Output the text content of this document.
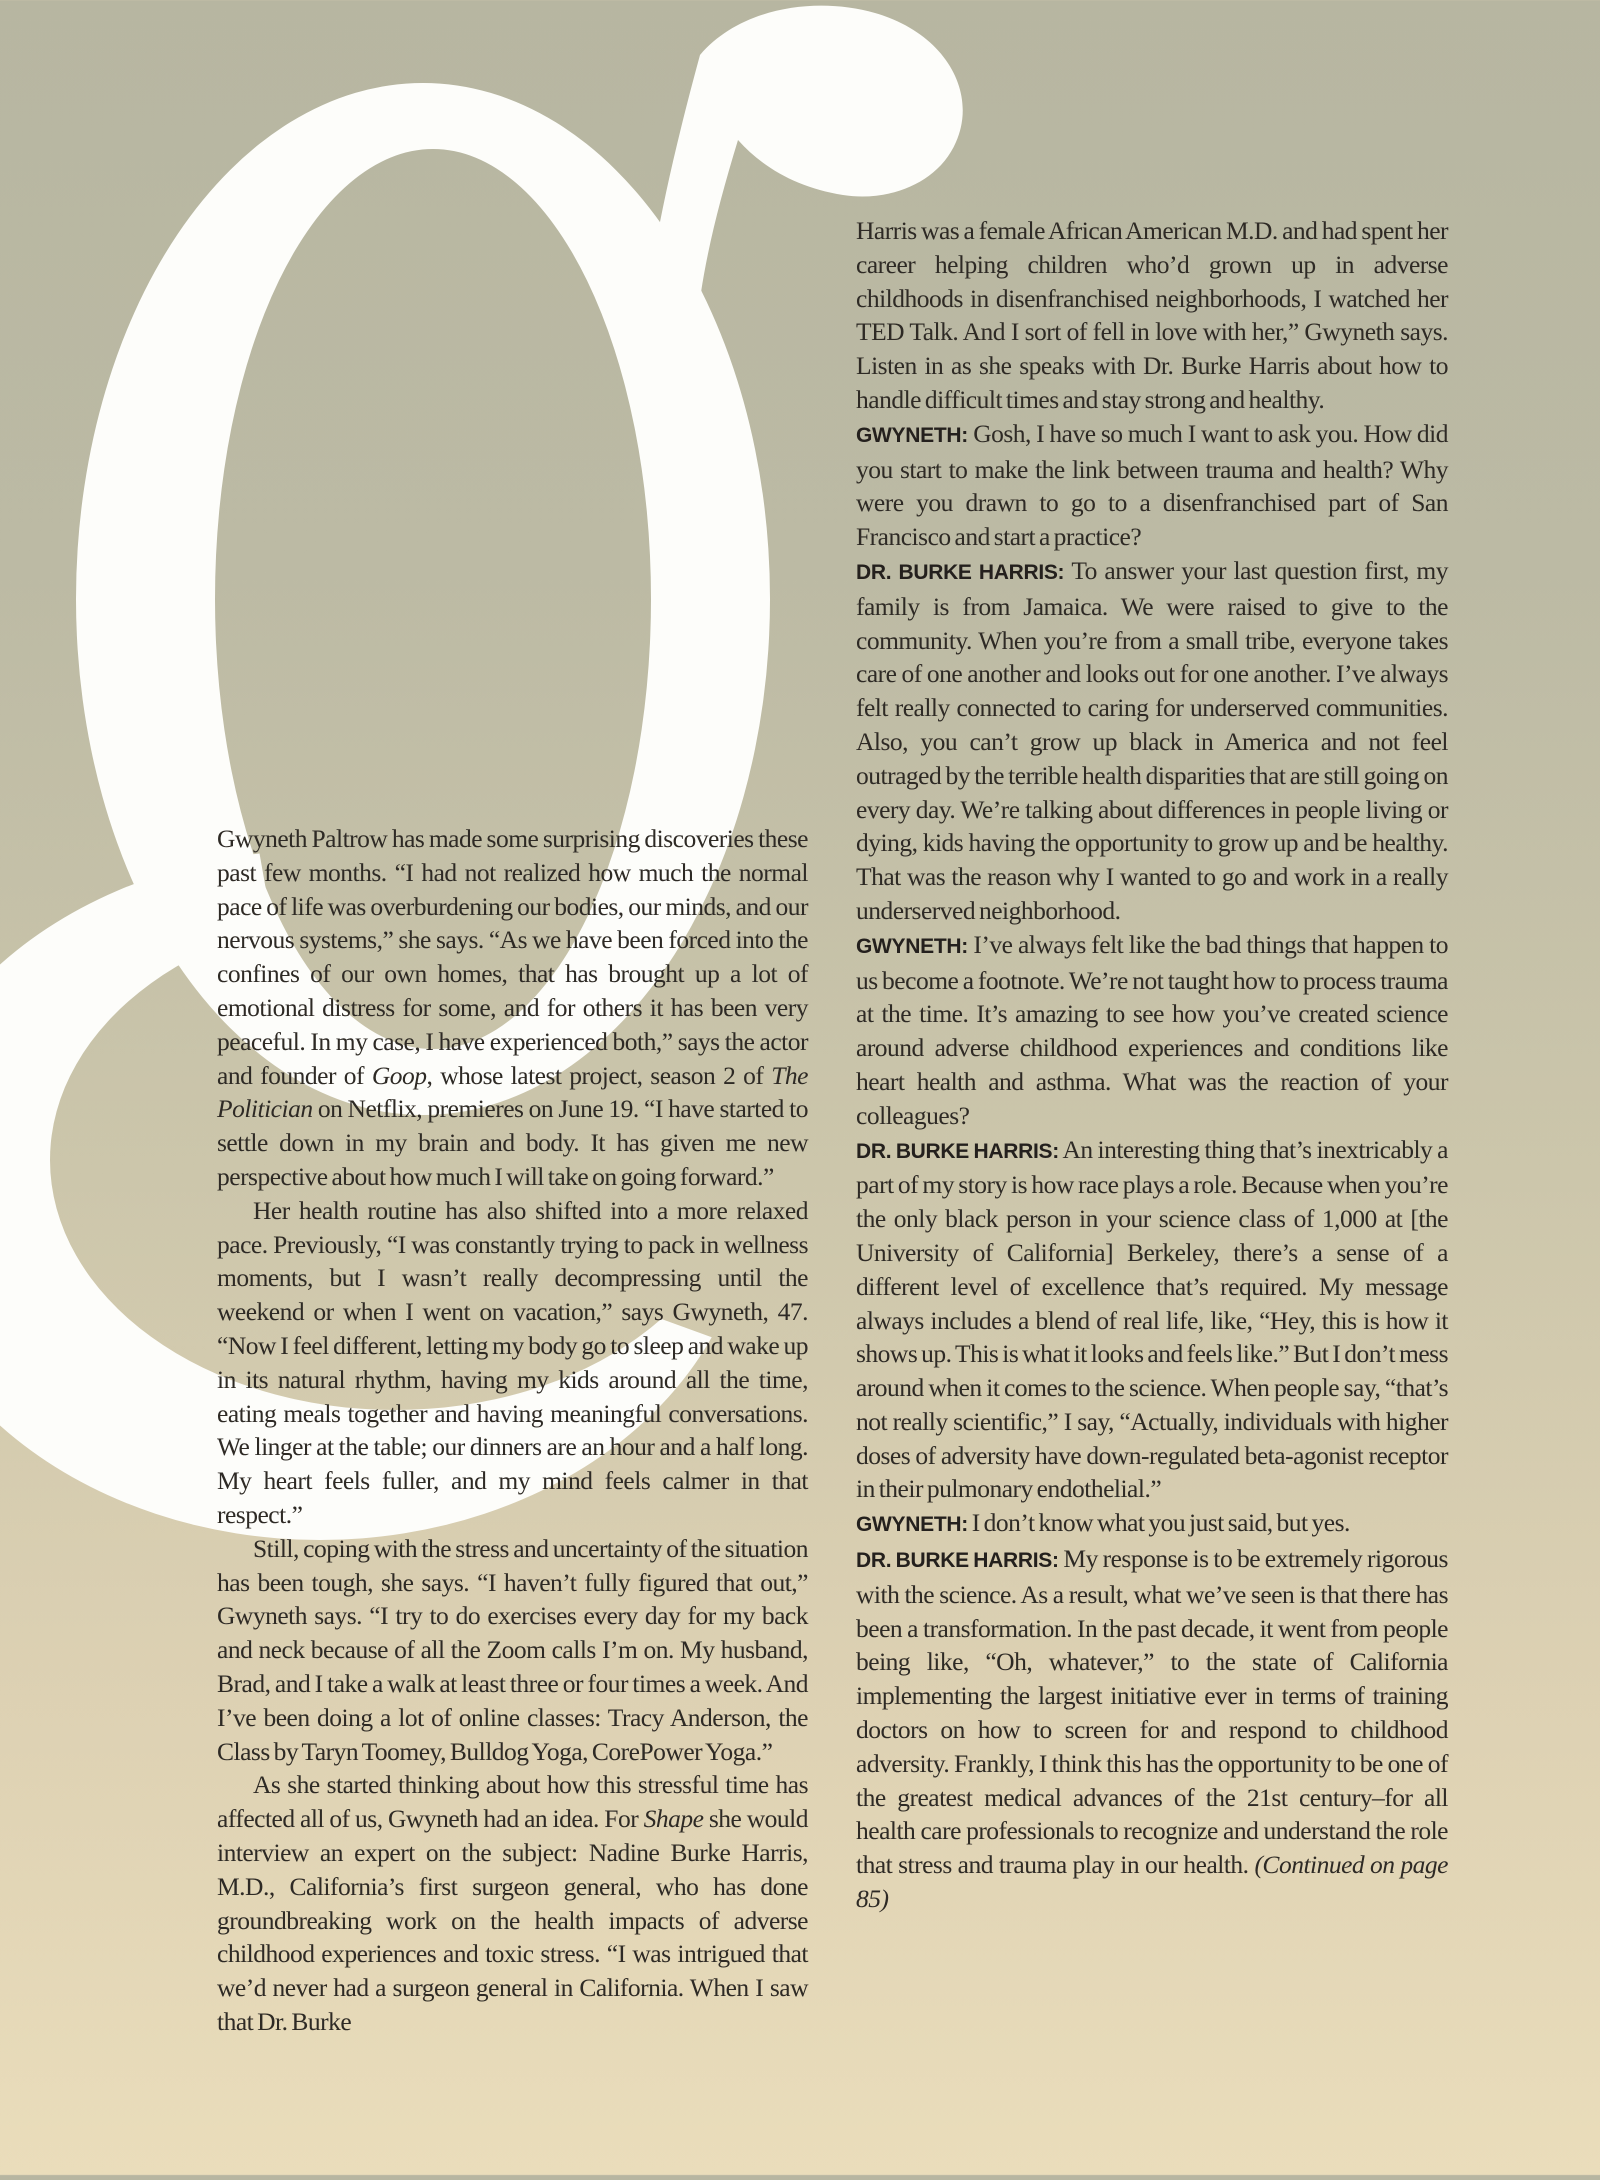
Gwyneth Paltrow has made some surprising discoveries these past few months. “I had not realized how much the normal pace of life was overburdening our bodies, our minds, and our nervous systems,” she says. “As we have been forced into the confines of our own homes, that has brought up a lot of emotional distress for some, and for others it has been very peaceful. In my case, I have experienced both,” says the actor and founder of Goop, whose latest project, season 2 of The Politician on Netflix, premieres on June 19. “I have started to settle down in my brain and body. It has given me new perspective about how much I will take on going forward.”

Her health routine has also shifted into a more relaxed pace. Previously, “I was constantly trying to pack in wellness moments, but I wasn’t really decompressing until the weekend or when I went on vacation,” says Gwyneth, 47. “Now I feel different, letting my body go to sleep and wake up in its natural rhythm, having my kids around all the time, eating meals together and having meaningful conversations. We linger at the table; our dinners are an hour and a half long. My heart feels fuller, and my mind feels calmer in that respect.”

Still, coping with the stress and uncertainty of the situation has been tough, she says. “I haven’t fully figured that out,” Gwyneth says. “I try to do exercises every day for my back and neck because of all the Zoom calls I’m on. My husband, Brad, and I take a walk at least three or four times a week. And I’ve been doing a lot of online classes: Tracy Anderson, the Class by Taryn Toomey, Bulldog Yoga, CorePower Yoga.”

As she started thinking about how this stressful time has affected all of us, Gwyneth had an idea. For Shape she would interview an expert on the subject: Nadine Burke Harris, M.D., California’s first surgeon general, who has done groundbreaking work on the health impacts of adverse childhood experiences and toxic stress. “I was intrigued that we’d never had a surgeon general in California. When I saw that Dr. Burke

Harris was a female African American M.D. and had spent her career helping children who’d grown up in adverse childhoods in disenfranchised neighborhoods, I watched her TED Talk. And I sort of fell in love with her,” Gwyneth says. Listen in as she speaks with Dr. Burke Harris about how to handle difficult times and stay strong and healthy.

GWYNETH: Gosh, I have so much I want to ask you. How did you start to make the link between trauma and health? Why were you drawn to go to a disenfranchised part of San Francisco and start a practice?

DR. BURKE HARRIS: To answer your last question first, my family is from Jamaica. We were raised to give to the community. When you’re from a small tribe, everyone takes care of one another and looks out for one another. I’ve always felt really connected to caring for underserved communities. Also, you can’t grow up black in America and not feel outraged by the terrible health disparities that are still going on every day. We’re talking about differences in people living or dying, kids having the opportunity to grow up and be healthy. That was the reason why I wanted to go and work in a really underserved neighborhood.

GWYNETH: I’ve always felt like the bad things that happen to us become a footnote. We’re not taught how to process trauma at the time. It’s amazing to see how you’ve created science around adverse childhood experiences and conditions like heart health and asthma. What was the reaction of your colleagues?

DR. BURKE HARRIS: An interesting thing that’s inextricably a part of my story is how race plays a role. Because when you’re the only black person in your science class of 1,000 at [the University of California] Berkeley, there’s a sense of a different level of excellence that’s required. My message always includes a blend of real life, like, “Hey, this is how it shows up. This is what it looks and feels like.” But I don’t mess around when it comes to the science. When people say, “that’s not really scientific,” I say, “Actually, individuals with higher doses of adversity have down-regulated beta-agonist receptor in their pulmonary endothelial.”

GWYNETH: I don’t know what you just said, but yes.

DR. BURKE HARRIS: My response is to be extremely rigorous with the science. As a result, what we’ve seen is that there has been a transformation. In the past decade, it went from people being like, “Oh, whatever,” to the state of California implementing the largest initiative ever in terms of training doctors on how to screen for and respond to childhood adversity. Frankly, I think this has the opportunity to be one of the greatest medical advances of the 21st century–for all health care professionals to recognize and understand the role that stress and trauma play in our health. (Continued on page 85)
